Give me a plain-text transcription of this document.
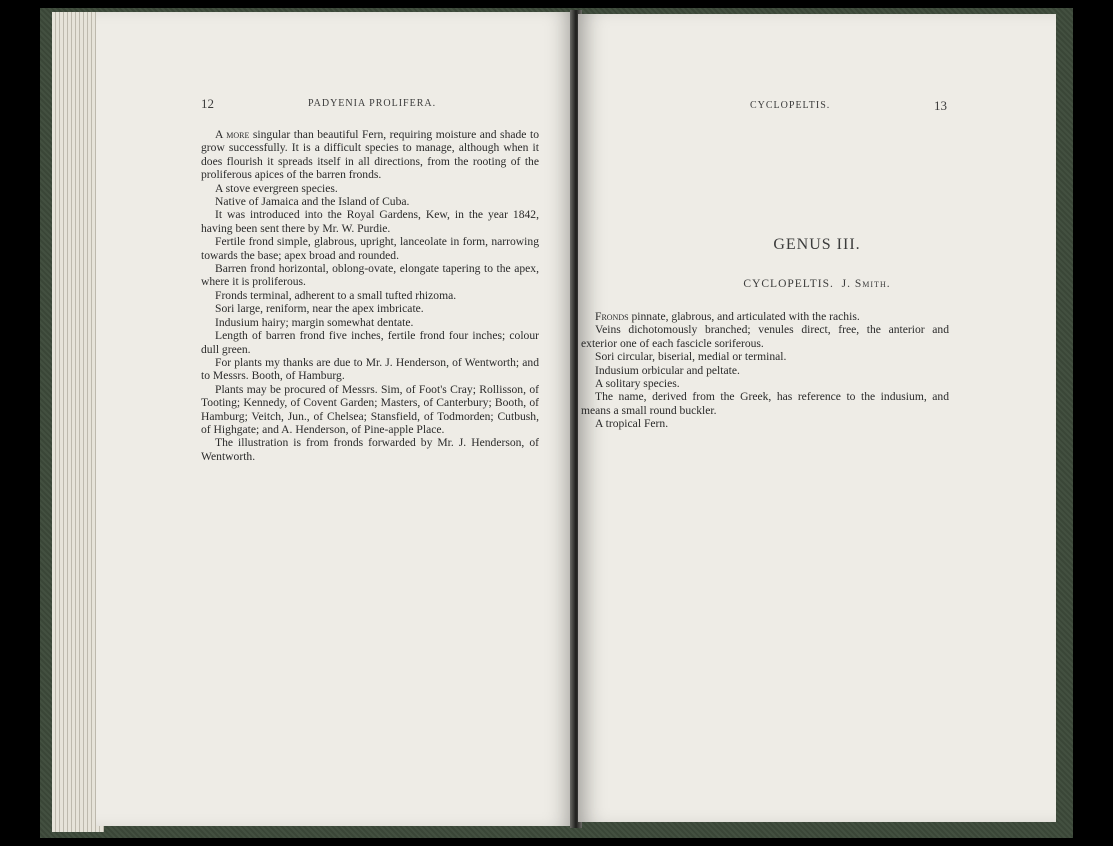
12	PADYENIA PROLIFERA.

A more singular than beautiful Fern, requiring moisture and shade to grow successfully. It is a difficult species to manage, although when it does flourish it spreads itself in all directions, from the rooting of the proliferous apices of the barren fronds.

A stove evergreen species.

Native of Jamaica and the Island of Cuba.

It was introduced into the Royal Gardens, Kew, in the year 1842, having been sent there by Mr. W. Purdie.

Fertile frond simple, glabrous, upright, lanceolate in form, narrowing towards the base; apex broad and rounded.

Barren frond horizontal, oblong-ovate, elongate tapering to the apex, where it is proliferous.

Fronds terminal, adherent to a small tufted rhizoma.

Sori large, reniform, near the apex imbricate.

Indusium hairy; margin somewhat dentate.

Length of barren frond five inches, fertile frond four inches; colour dull green.

For plants my thanks are due to Mr. J. Henderson, of Wentworth; and to Messrs. Booth, of Hamburg.

Plants may be procured of Messrs. Sim, of Foot's Cray; Rollisson, of Tooting; Kennedy, of Covent Garden; Masters, of Canterbury; Booth, of Hamburg; Veitch, Jun., of Chelsea; Stansfield, of Todmorden; Cutbush, of Highgate; and A. Henderson, of Pine-apple Place.

The illustration is from fronds forwarded by Mr. J. Henderson, of Wentworth.

CYCLOPELTIS.	13
GENUS III.
CYCLOPELTIS. J. Smith.

Fronds pinnate, glabrous, and articulated with the rachis.

Veins dichotomously branched; venules direct, free, the anterior and exterior one of each fascicle soriferous.

Sori circular, biserial, medial or terminal.

Indusium orbicular and peltate.

A solitary species.

The name, derived from the Greek, has reference to the indusium, and means a small round buckler.

A tropical Fern.
